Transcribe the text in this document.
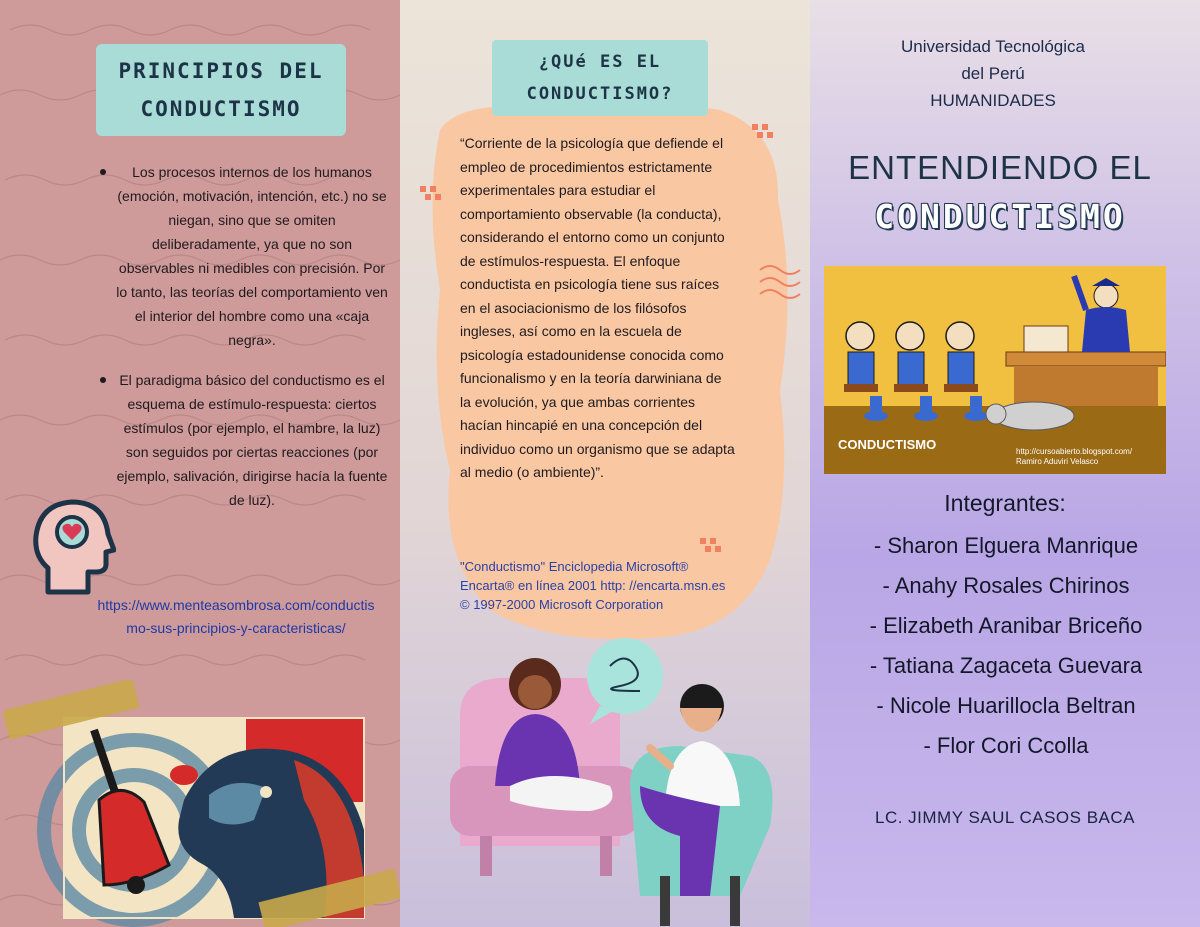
PRINCIPIOS DEL
CONDUCTISMO
Los procesos internos de los humanos (emoción, motivación, intención, etc.) no se niegan, sino que se omiten deliberadamente, ya que no son observables ni medibles con precisión. Por lo tanto, las teorías del comportamiento ven el interior del hombre como una «caja negra».
El paradigma básico del conductismo es el esquema de estímulo-respuesta: ciertos estímulos (por ejemplo, el hambre, la luz) son seguidos por ciertas reacciones (por ejemplo, salivación, dirigirse hacía la fuente de luz).
https://www.menteasombrosa.com/conductismo-sus-principios-y-caracteristicas/
¿QUé ES EL
CONDUCTISMO?
“Corriente de la psicología que defiende el empleo de procedimientos estrictamente experimentales para estudiar el comportamiento observable (la conducta), considerando el entorno como un conjunto de estímulos-respuesta. El enfoque conductista en psicología tiene sus raíces en el asociacionismo de los filósofos ingleses, así como en la escuela de psicología estadounidense conocida como funcionalismo y en la teoría darwiniana de la evolución, ya que ambas corrientes hacían hincapié en una concepción del individuo como un organismo que se adapta al medio (o ambiente)”.
"Conductismo" Enciclopedia Microsoft® Encarta® en línea 2001 http: //encarta.msn.es © 1997-2000 Microsoft Corporation
Universidad Tecnológica
del Perú
HUMANIDADES
ENTENDIENDO EL
CONDUCTISMO
CONDUCTISMO	http://cursoabierto.blogspot.com/
Ramiro Aduviri Velasco
Integrantes:
- Sharon Elguera Manrique
- Anahy Rosales Chirinos
- Elizabeth Aranibar Briceño
- Tatiana Zagaceta Guevara
- Nicole Huarillocla Beltran
- Flor Cori Ccolla
LC. JIMMY SAUL CASOS BACA
